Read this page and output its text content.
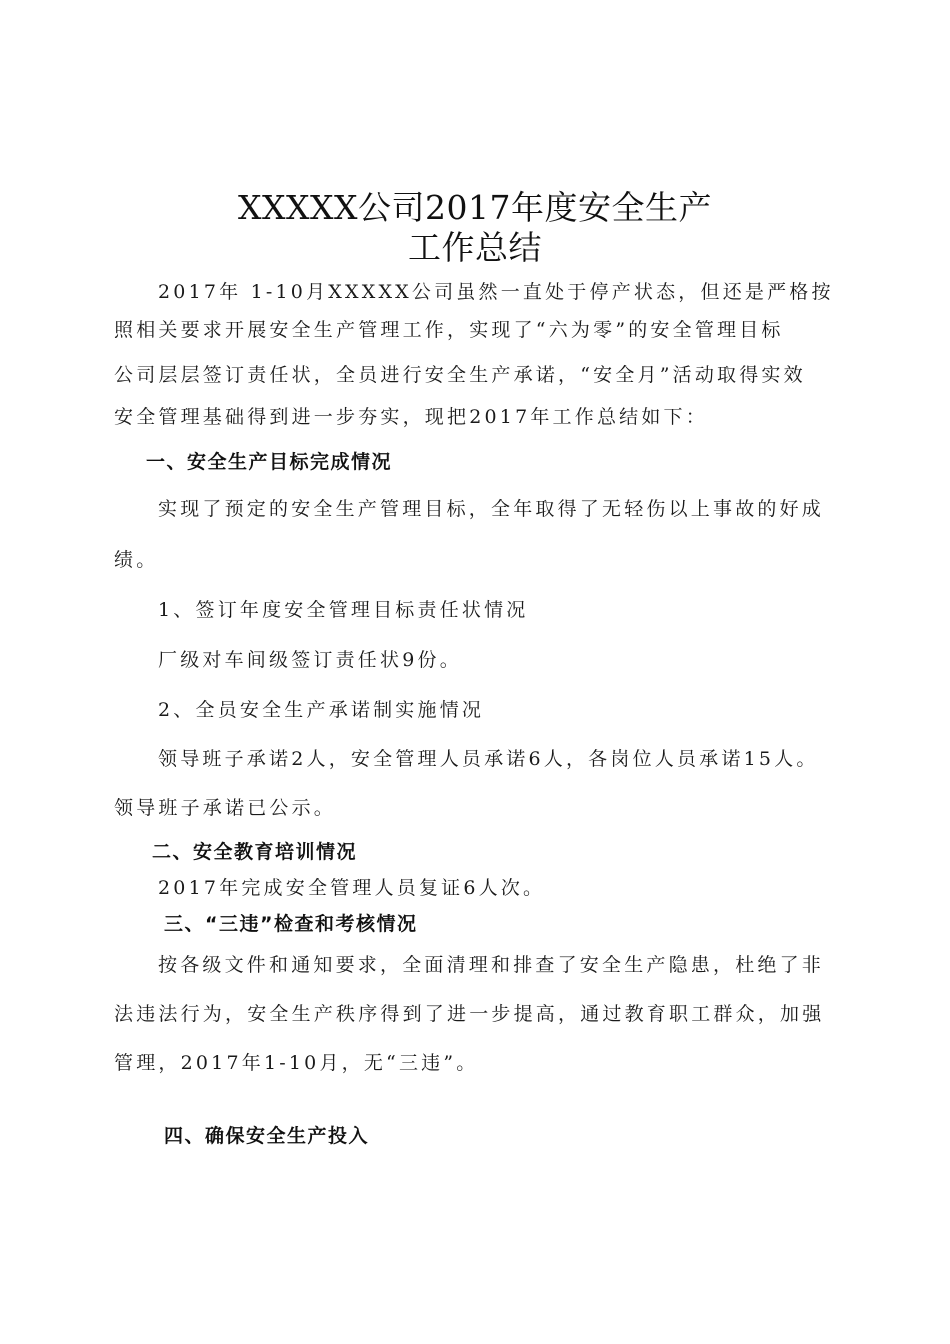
XXXXX公司2017年度安全生产
工作总结
2017年 1-10月XXXXX公司虽然一直处于停产状态，但还是严格按
照相关要求开展安全生产管理工作，实现了“六为零”的安全管理目标
公司层层签订责任状，全员进行安全生产承诺，“安全月”活动取得实效
安全管理基础得到进一步夯实，现把2017年工作总结如下：
一、安全生产目标完成情况
实现了预定的安全生产管理目标，全年取得了无轻伤以上事故的好成
绩。
1、签订年度安全管理目标责任状情况
厂级对车间级签订责任状9份。
2、全员安全生产承诺制实施情况
领导班子承诺2人，安全管理人员承诺6人，各岗位人员承诺15人。
领导班子承诺已公示。
二、安全教育培训情况
2017年完成安全管理人员复证6人次。
三、“三违”检查和考核情况
按各级文件和通知要求，全面清理和排查了安全生产隐患，杜绝了非
法违法行为，安全生产秩序得到了进一步提高，通过教育职工群众，加强
管理，2017年1-10月，无“三违”。
四、确保安全生产投入
